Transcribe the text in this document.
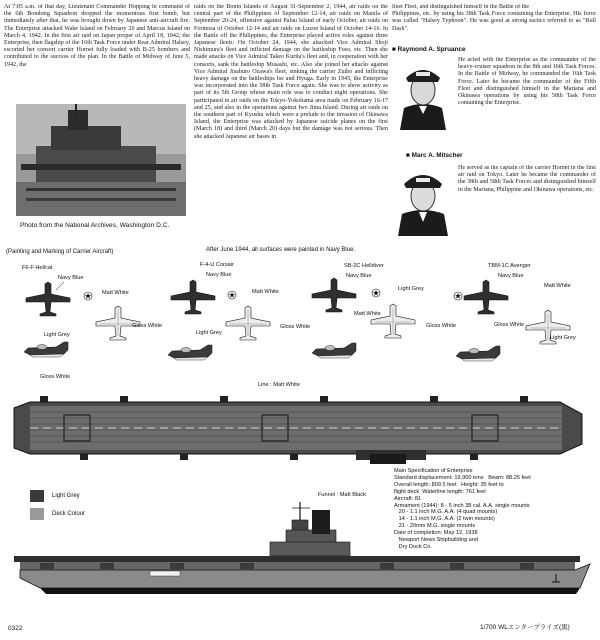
At 7:05 a.m. of that day, Lieutenant Commander Hopping in command of the 6th Bombing Squadron dropped the momentous first bomb, but immediately after that, he was brought down by Japanese anti-aircraft fire. The Enterprise attacked Wake Island on February 20 and Marcus Island on March 4, 1942. In the first air raid on Japan proper of April 18, 1942, the Enterprise, then flagship of the 16th Task Force under Rear Admiral Halsey, escorted her consort carrier Hornet fully loaded with B-25 bombers and contributed to the success of the plan. In the Battle of Midway of June 5, 1942, the

Photo from the National Archives, Washington D.C.

raids on the Bonin Islands of August 31-September 2, 1944, air raids on the central part of the Philippines of September 12-14, air raids on Manila of September 20-24, offensive against Palau Island of early October, air raids on Formosa of October 12-14 and air raids on Luzon Island of October 14-16. In the Battle off the Philippines, the Enterprise played active roles against three Japanese fleets: On October 24, 1944, she attacked Vice Admiral Shoji Nishimura's fleet and inflicted damage on the battleship Fuso, etc. Then she made attacks on Vice Admiral Takeo Kurita's fleet and, in cooperation with her consorts, sank the battleship Musashi, etc. Also she joined her attacks against Vice Admiral Jisaburo Ozawa's fleet, sinking the carrier Zuiho and inflicting heavy damage on the battleships Ise and Hyuga. Early in 1945, the Enterprise was incorporated into the 58th Task Force again. She was to show activity as part of its 5th Group whose main role was to conduct night operations. She participated in air raids on the Tokyo-Yokohama area made on February 16-17 and 25, and also in the operations against Iwo Jima Island. During air raids on the southern part of Kyushu which were a prelude to the invasion of Okinawa Island, the Enterprise was attacked by Japanese suicide planes on the first (March 18) and third (March 20) days but the damage was not serious. Then she attacked Japanese air bases in

fleet Fleet, and distinguished himself in the Battle of the

Philippines, etc. by using his 38th Task Force containing the Enterprise. His force was called "Halsey Typhoon". He was good at strong tactics referred to as "Bull Dash".

■ Raymond A. Spruance

He acted with the Enterprise as the commander of the heavy-cruiser squadron in the 8th and 16th Task Forces. In the Battle of Midway, he commanded the 16th Task Force. Later he became the commander of the Fifth Fleet and distinguished himself in the Mariana and Okinawa operations by using his 58th Task Force containing the Enterprise.

■ Marc A. Mitscher

He served as the captain of the carrier Hornet in the first air raid on Tokyo. Later he became the commander of the 38th and 58th Task Forces and distinguished himself in the Mariana, Philippine and Okinawa operations, etc.

(Painting and Marking of Carrier Aircraft)	After June 1944, all surfaces were painted in Navy Blue.
F6-F Hellcat
Navy Blue
Matt White
Light Grey
Gloss White
Gloss White
F-4-U Corsair
Navy Blue
Matt White
Light Grey
Gloss White
SB-2C Helldiver
Navy Blue
Light Grey
Matt White
Gloss White
TBM-1C Avenger
Navy Blue
Matt White
Gloss White
Light Grey
Line : Matt White
Light Grey
Deck Colour
Main Specification of Enterprise
Standard displacement: 19,900 tons   Beam: 88.25 feet
Overall length: 809.5 feet   Height: 35 feet to
flight deck  Waterline length: 761 feet
Aircraft: 81
Armament (1944): 8 - 5 inch 38 cal. A.A. single mounts
20 - 1.1 inch M.G. A.A. (4 quad mounts)
14 - 1.1 inch M.G. A.A. (2 twin mounts)
31 - 20mm M.G. single mounts
Date of completion: May 12, 1938
Newport News Shipbuilding and
Dry Dock Co.
Funnel : Matt Black
0322	1/700 WLエンタープライズ(黒)
